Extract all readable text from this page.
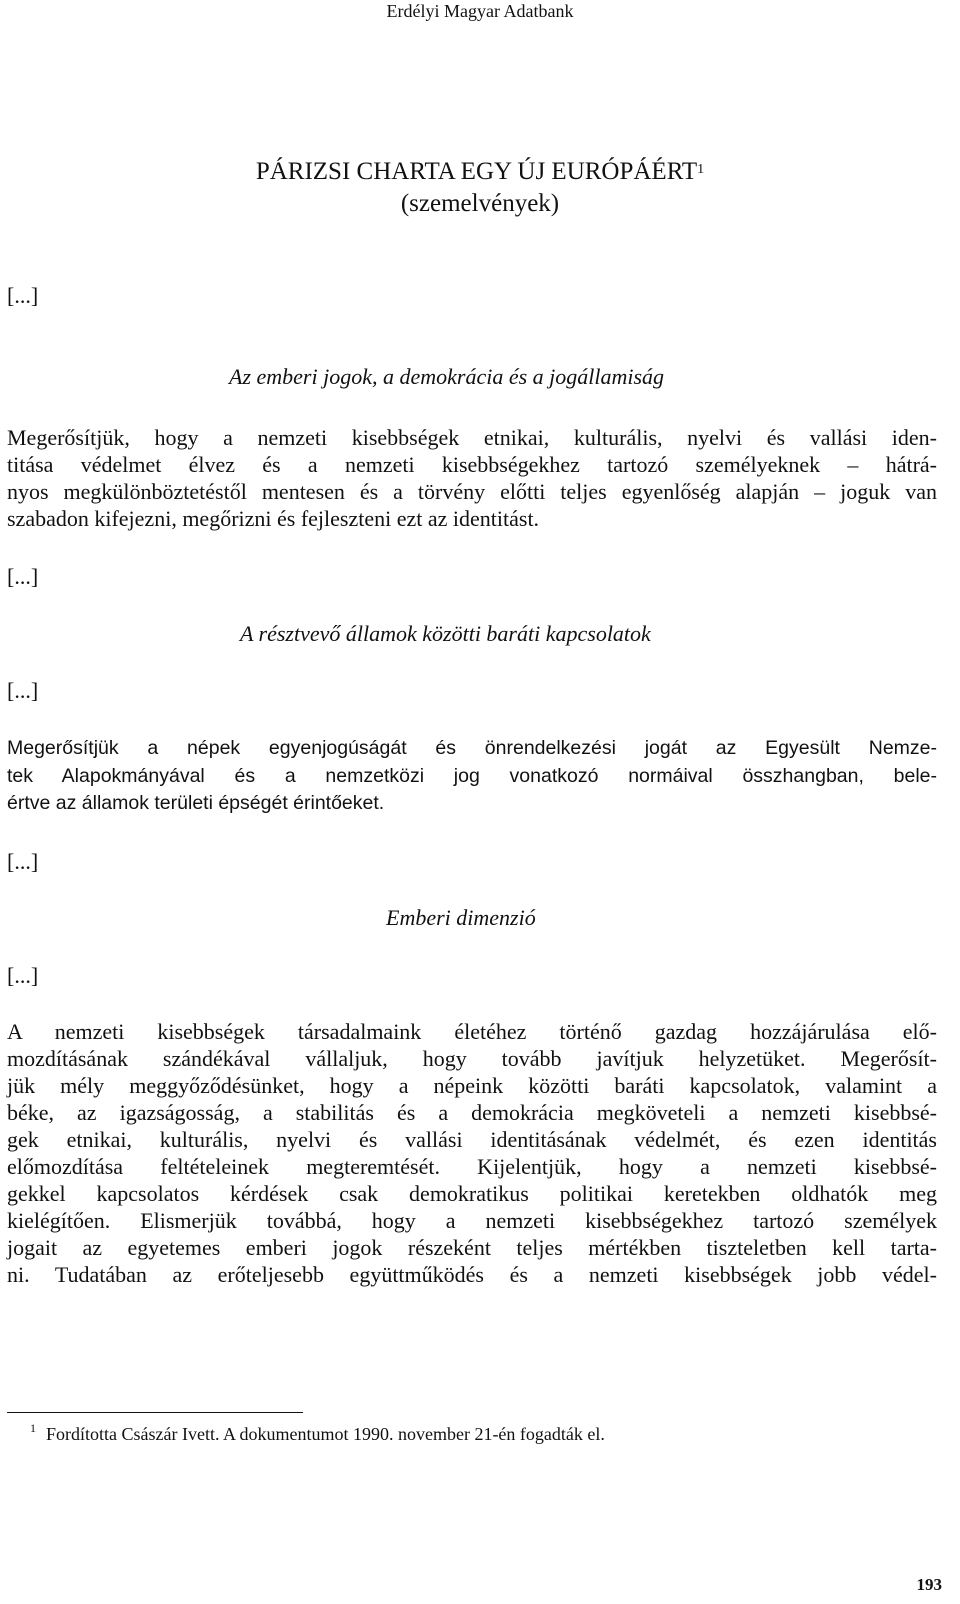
Erdélyi Magyar Adatbank
PÁRIZSI CHARTA EGY ÚJ EURÓPÁÉRT$^1$
(szemelvények)
[...]
Az emberi jogok, a demokrácia és a jogállamiság
Megerősítjük, hogy a nemzeti kisebbségek etnikai, kulturális, nyelvi és vallási iden-
titása védelmet élvez és a nemzeti kisebbségekhez tartozó személyeknek – hátrá-
nyos megkülönböztetéstől mentesen és a törvény előtti teljes egyenlőség alapján – joguk van
szabadon kifejezni, megőrizni és fejleszteni ezt az identitást.
[...]
A résztvevő államok közötti baráti kapcsolatok
[...]
Megerősítjük a népek egyenjogúságát és önrendelkezési jogát az Egyesült Nemze-
tek Alapokmányával és a nemzetközi jog vonatkozó normáival összhangban, bele-
értve az államok területi épségét érintőeket.
[...]
Emberi dimenzió
[...]
A nemzeti kisebbségek társadalmaink életéhez történő gazdag hozzájárulása elő-
mozdításának szándékával vállaljuk, hogy tovább javítjuk helyzetüket. Megerősít-
jük mély meggyőződésünket, hogy a népeink közötti baráti kapcsolatok, valamint a
béke, az igazságosság, a stabilitás és a demokrácia megköveteli a nemzeti kisebbsé-
gek etnikai, kulturális, nyelvi és vallási identitásának védelmét, és ezen identitás
előmozdítása feltételeinek megteremtését. Kijelentjük, hogy a nemzeti kisebbsé-
gekkel kapcsolatos kérdések csak demokratikus politikai keretekben oldhatók meg
kielégítően. Elismerjük továbbá, hogy a nemzeti kisebbségekhez tartozó személyek
jogait az egyetemes emberi jogok részeként teljes mértékben tiszteletben kell tarta-
ni. Tudatában az erőteljesebb együttműködés és a nemzeti kisebbségek jobb védel-
$^1$ Fordította Császár Ivett. A dokumentumot 1990. november 21-én fogadták el.
193
